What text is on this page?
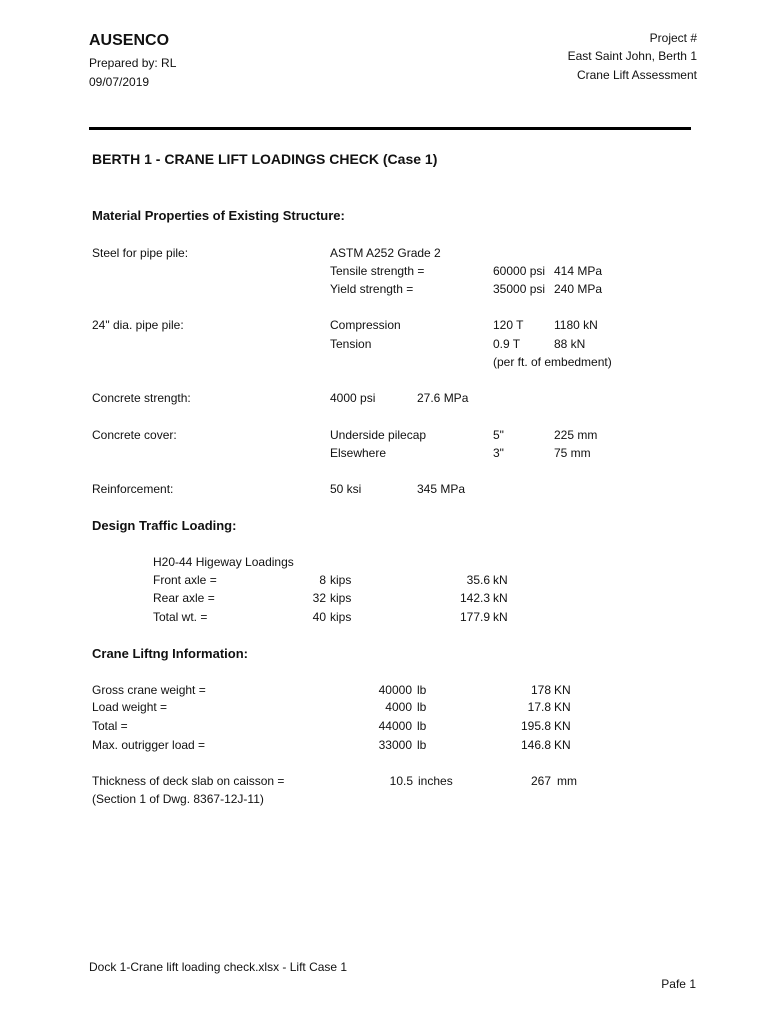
AUSENCO
Prepared by: RL
09/07/2019
Project #
East Saint John, Berth 1
Crane Lift Assessment
BERTH 1 - CRANE LIFT LOADINGS CHECK (Case 1)
Material Properties of Existing Structure:
Steel for pipe pile:	ASTM A252 Grade 2
Tensile strength =	60000 psi 414 MPa
Yield strength =	35000 psi 240 MPa
24" dia. pipe pile:	Compression	120 T	1180 kN
Tension	0.9 T	88 kN
(per ft. of embedment)
Concrete strength:	4000 psi	27.6 MPa
Concrete cover:	Underside pilecap	5"	225 mm
Elsewhere	3"	75 mm
Reinforcement:	50 ksi	345 MPa
Design Traffic Loading:
H20-44 Higeway Loadings
Front axle =	8 kips	35.6 kN
Rear axle =	32 kips	142.3 kN
Total wt. =	40 kips	177.9 kN
Crane Liftng Information:
Gross crane weight =	40000 lb	178 KN
Load weight =	4000 lb	17.8 KN
Total =	44000 lb	195.8 KN
Max. outrigger load =	33000 lb	146.8 KN
Thickness of deck slab on caisson =	10.5 inches	267 mm
(Section 1 of Dwg. 8367-12J-11)
Dock 1-Crane lift loading check.xlsx - Lift Case 1
Pafe 1
